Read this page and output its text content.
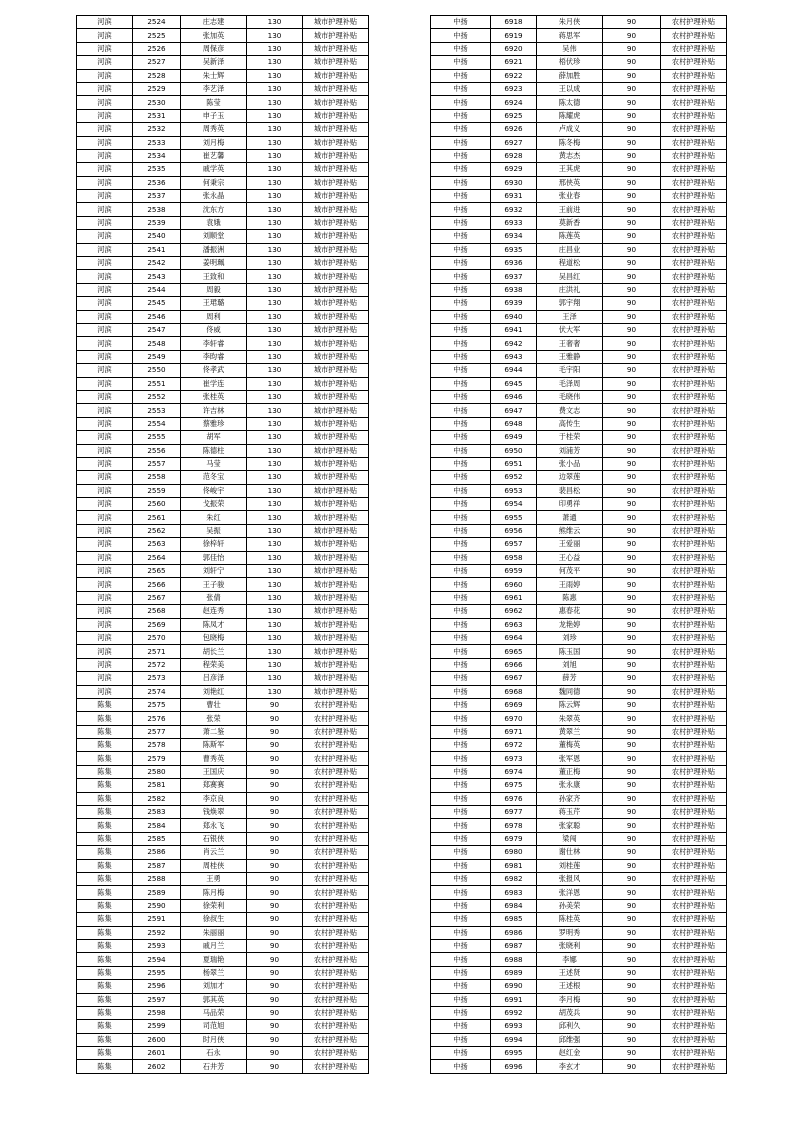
河滨	2524	庄志建	130	城市护理补贴
河滨	2525	张加英	130	城市护理补贴
河滨	2526	周保彦	130	城市护理补贴
河滨	2527	吴新泽	130	城市护理补贴
河滨	2528	朱士辉	130	城市护理补贴
河滨	2529	李艺泽	130	城市护理补贴
河滨	2530	陈莹	130	城市护理补贴
河滨	2531	申子玉	130	城市护理补贴
河滨	2532	周秀英	130	城市护理补贴
河滨	2533	刘月梅	130	城市护理补贴
河滨	2534	崔艺馨	130	城市护理补贴
河滨	2535	戚学英	130	城市护理补贴
河滨	2536	何秉宗	130	城市护理补贴
河滨	2537	张永晶	130	城市护理补贴
河滨	2538	沈东方	130	城市护理补贴
河滨	2539	袁娥	130	城市护理补贴
河滨	2540	刘顺堂	130	城市护理补贴
河滨	2541	潘振洲	130	城市护理补贴
河滨	2542	姜明珮	130	城市护理补贴
河滨	2543	王致和	130	城市护理补贴
河滨	2544	周毅	130	城市护理补贴
河滨	2545	王珺璐	130	城市护理补贴
河滨	2546	周利	130	城市护理补贴
河滨	2547	佟威	130	城市护理补贴
河滨	2548	李轩睿	130	城市护理补贴
河滨	2549	李昀睿	130	城市护理补贴
河滨	2550	佟孝武	130	城市护理补贴
河滨	2551	崔学连	130	城市护理补贴
河滨	2552	张桂英	130	城市护理补贴
河滨	2553	许吉林	130	城市护理补贴
河滨	2554	蔡雅珍	130	城市护理补贴
河滨	2555	胡军	130	城市护理补贴
河滨	2556	陈德柱	130	城市护理补贴
河滨	2557	马莹	130	城市护理补贴
河滨	2558	范冬宝	130	城市护理补贴
河滨	2559	佟峻宇	130	城市护理补贴
河滨	2560	戈振荣	130	城市护理补贴
河滨	2561	朱红	130	城市护理补贴
河滨	2562	吴振	130	城市护理补贴
河滨	2563	徐梓轩	130	城市护理补贴
河滨	2564	郭佳怡	130	城市护理补贴
河滨	2565	刘轩宁	130	城市护理补贴
河滨	2566	王子骏	130	城市护理补贴
河滨	2567	张倩	130	城市护理补贴
河滨	2568	赵连秀	130	城市护理补贴
河滨	2569	陈凤才	130	城市护理补贴
河滨	2570	包晓梅	130	城市护理补贴
河滨	2571	胡长兰	130	城市护理补贴
河滨	2572	程荣美	130	城市护理补贴
河滨	2573	吕彦泽	130	城市护理补贴
河滨	2574	刘艳红	130	城市护理补贴
陈集	2575	曹壮	90	农村护理补贴
陈集	2576	张荣	90	农村护理补贴
陈集	2577	萧二鉴	90	农村护理补贴
陈集	2578	陈斯军	90	农村护理补贴
陈集	2579	曹秀英	90	农村护理补贴
陈集	2580	王国庆	90	农村护理补贴
陈集	2581	郑赛赛	90	农村护理补贴
陈集	2582	李京良	90	农村护理补贴
陈集	2583	钱焕翠	90	农村护理补贴
陈集	2584	郑永飞	90	农村护理补贴
陈集	2585	石银侠	90	农村护理补贴
陈集	2586	肖云兰	90	农村护理补贴
陈集	2587	周桂侠	90	农村护理补贴
陈集	2588	王勇	90	农村护理补贴
陈集	2589	陈月梅	90	农村护理补贴
陈集	2590	徐荣利	90	农村护理补贴
陈集	2591	徐叔生	90	农村护理补贴
陈集	2592	朱丽丽	90	农村护理补贴
陈集	2593	戚月兰	90	农村护理补贴
陈集	2594	夏瑞艳	90	农村护理补贴
陈集	2595	杨翠兰	90	农村护理补贴
陈集	2596	刘加才	90	农村护理补贴
陈集	2597	郭其英	90	农村护理补贴
陈集	2598	马品荣	90	农村护理补贴
陈集	2599	司范旭	90	农村护理补贴
陈集	2600	时月侠	90	农村护理补贴
陈集	2601	石永	90	农村护理补贴
陈集	2602	石井芳	90	农村护理补贴
中扬	6918	朱月侠	90	农村护理补贴
中扬	6919	蒋思军	90	农村护理补贴
中扬	6920	吴伟	90	农村护理补贴
中扬	6921	梧伏珍	90	农村护理补贴
中扬	6922	薛加胜	90	农村护理补贴
中扬	6923	王以成	90	农村护理补贴
中扬	6924	陈太德	90	农村护理补贴
中扬	6925	陈耀虎	90	农村护理补贴
中扬	6926	卢成义	90	农村护理补贴
中扬	6927	陈冬梅	90	农村护理补贴
中扬	6928	黄志杰	90	农村护理补贴
中扬	6929	王其虎	90	农村护理补贴
中扬	6930	邢侠英	90	农村护理补贴
中扬	6931	张业春	90	农村护理补贴
中扬	6932	王前进	90	农村护理补贴
中扬	6933	莫新香	90	农村护理补贴
中扬	6934	陈莲英	90	农村护理补贴
中扬	6935	庄昌业	90	农村护理补贴
中扬	6936	程道松	90	农村护理补贴
中扬	6937	吴昌红	90	农村护理补贴
中扬	6938	庄洪礼	90	农村护理补贴
中扬	6939	郭宇翔	90	农村护理补贴
中扬	6940	王泽	90	农村护理补贴
中扬	6941	伏大军	90	农村护理补贴
中扬	6942	王奢奢	90	农村护理补贴
中扬	6943	王雅静	90	农村护理补贴
中扬	6944	毛宇阳	90	农村护理补贴
中扬	6945	毛泽周	90	农村护理补贴
中扬	6946	毛晓伟	90	农村护理补贴
中扬	6947	费文志	90	农村护理补贴
中扬	6948	高传生	90	农村护理补贴
中扬	6949	于桂荣	90	农村护理补贴
中扬	6950	刘浦芳	90	农村护理补贴
中扬	6951	张小品	90	农村护理补贴
中扬	6952	边翠莲	90	农村护理补贴
中扬	6953	裴昌松	90	农村护理补贴
中扬	6954	印勇祥	90	农村护理补贴
中扬	6955	萧通	90	农村护理补贴
中扬	6956	熊维云	90	农村护理补贴
中扬	6957	王爱丽	90	农村护理补贴
中扬	6958	王心益	90	农村护理补贴
中扬	6959	何茂平	90	农村护理补贴
中扬	6960	王雨婷	90	农村护理补贴
中扬	6961	陈惠	90	农村护理补贴
中扬	6962	惠春花	90	农村护理补贴
中扬	6963	龙艳婷	90	农村护理补贴
中扬	6964	刘珍	90	农村护理补贴
中扬	6965	陈玉国	90	农村护理补贴
中扬	6966	刘旭	90	农村护理补贴
中扬	6967	薛芳	90	农村护理补贴
中扬	6968	魏同德	90	农村护理补贴
中扬	6969	陈云辉	90	农村护理补贴
中扬	6970	朱翠英	90	农村护理补贴
中扬	6971	黄翠兰	90	农村护理补贴
中扬	6972	董梅英	90	农村护理补贴
中扬	6973	张军恩	90	农村护理补贴
中扬	6974	董正梅	90	农村护理补贴
中扬	6975	张永康	90	农村护理补贴
中扬	6976	孙家齐	90	农村护理补贴
中扬	6977	蒋玉芹	90	农村护理补贴
中扬	6978	张家聪	90	农村护理补贴
中扬	6979	梁闯	90	农村护理补贴
中扬	6980	谢仕林	90	农村护理补贴
中扬	6981	刘桂莲	90	农村护理补贴
中扬	6982	张报风	90	农村护理补贴
中扬	6983	张洋恩	90	农村护理补贴
中扬	6984	孙美荣	90	农村护理补贴
中扬	6985	陈桂英	90	农村护理补贴
中扬	6986	罗明秀	90	农村护理补贴
中扬	6987	张晓利	90	农村护理补贴
中扬	6988	李娜	90	农村护理补贴
中扬	6989	王述贤	90	农村护理补贴
中扬	6990	王述根	90	农村护理补贴
中扬	6991	李月梅	90	农村护理补贴
中扬	6992	胡茂兵	90	农村护理补贴
中扬	6993	邱利久	90	农村护理补贴
中扬	6994	邱维强	90	农村护理补贴
中扬	6995	赵红金	90	农村护理补贴
中扬	6996	李玄才	90	农村护理补贴
